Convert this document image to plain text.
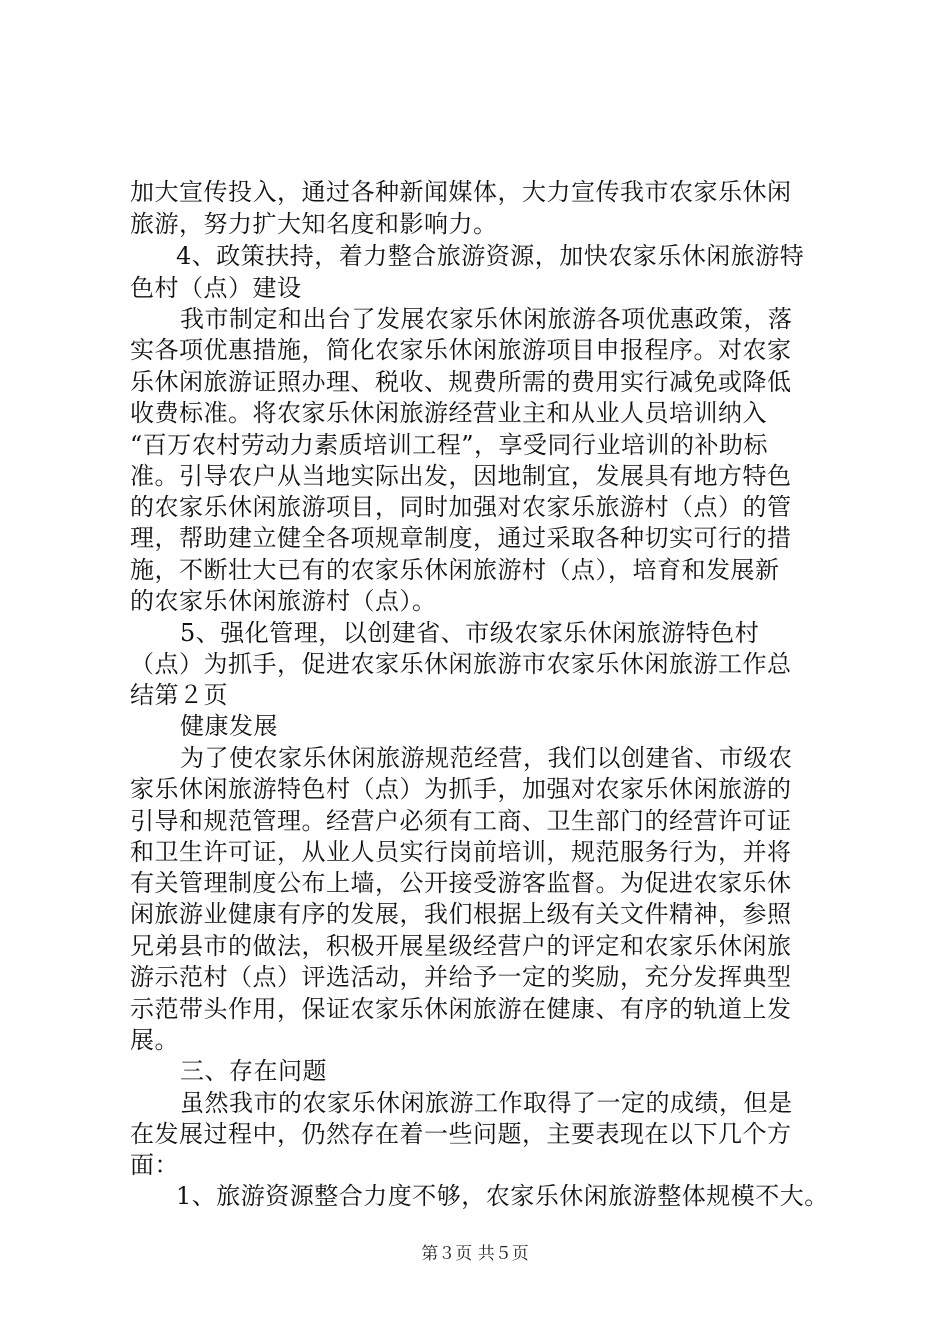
加大宣传投入，通过各种新闻媒体，大力宣传我市农家乐休闲
旅游，努力扩大知名度和影响力。
4、政策扶持，着力整合旅游资源，加快农家乐休闲旅游特
色村（点）建设
我市制定和出台了发展农家乐休闲旅游各项优惠政策，落
实各项优惠措施，简化农家乐休闲旅游项目申报程序。对农家
乐休闲旅游证照办理、税收、规费所需的费用实行减免或降低
收费标准。将农家乐休闲旅游经营业主和从业人员培训纳入
“百万农村劳动力素质培训工程”，享受同行业培训的补助标
准。引导农户从当地实际出发，因地制宜，发展具有地方特色
的农家乐休闲旅游项目，同时加强对农家乐旅游村（点）的管
理，帮助建立健全各项规章制度，通过采取各种切实可行的措
施，不断壮大已有的农家乐休闲旅游村（点），培育和发展新
的农家乐休闲旅游村（点）。
5、强化管理，以创建省、市级农家乐休闲旅游特色村
（点）为抓手，促进农家乐休闲旅游市农家乐休闲旅游工作总
结第２页
健康发展
为了使农家乐休闲旅游规范经营，我们以创建省、市级农
家乐休闲旅游特色村（点）为抓手，加强对农家乐休闲旅游的
引导和规范管理。经营户必须有工商、卫生部门的经营许可证
和卫生许可证，从业人员实行岗前培训，规范服务行为，并将
有关管理制度公布上墙，公开接受游客监督。为促进农家乐休
闲旅游业健康有序的发展，我们根据上级有关文件精神，参照
兄弟县市的做法，积极开展星级经营户的评定和农家乐休闲旅
游示范村（点）评选活动，并给予一定的奖励，充分发挥典型
示范带头作用，保证农家乐休闲旅游在健康、有序的轨道上发
展。
三、存在问题
虽然我市的农家乐休闲旅游工作取得了一定的成绩，但是
在发展过程中，仍然存在着一些问题，主要表现在以下几个方
面：
1、旅游资源整合力度不够，农家乐休闲旅游整体规模不大。
第３页 共５页
